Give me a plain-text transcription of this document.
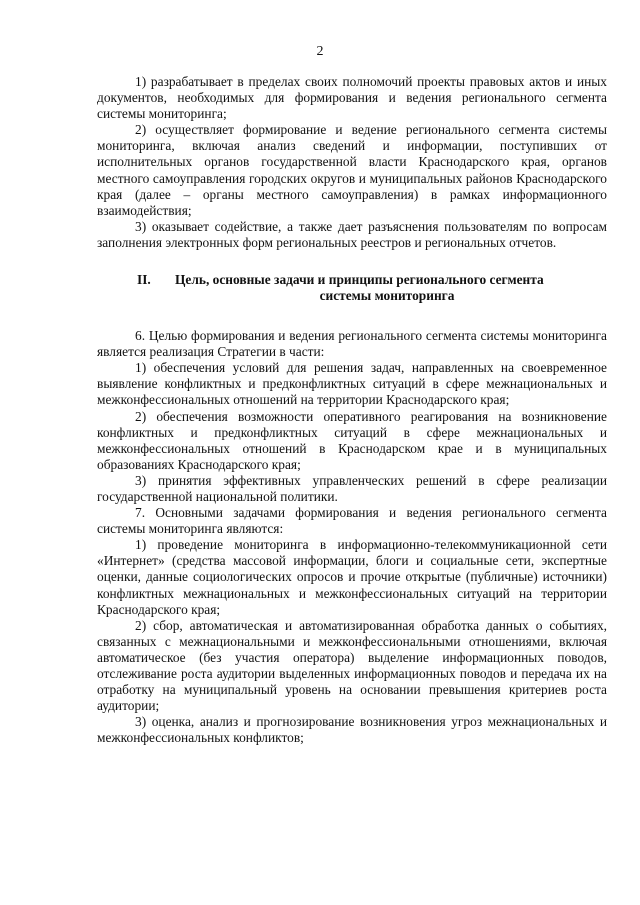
2

1) разрабатывает в пределах своих полномочий проекты правовых актов и иных документов, необходимых для формирования и ведения регионального сегмента системы мониторинга;

2) осуществляет формирование и ведение регионального сегмента системы мониторинга, включая анализ сведений и информации, поступивших от исполнительных органов государственной власти Краснодарского края, органов местного самоуправления городских округов и муниципальных районов Краснодарского края (далее – органы местного самоуправления) в рамках информационного взаимодействия;

3) оказывает содействие, а также дает разъяснения пользователям по вопросам заполнения электронных форм региональных реестров и региональных отчетов.

II.	Цель, основные задачи и принципы регионального сегмента
системы мониторинга

6. Целью формирования и ведения регионального сегмента системы мониторинга является реализация Стратегии в части:

1) обеспечения условий для решения задач, направленных на своевременное выявление конфликтных и предконфликтных ситуаций в сфере межнациональных и межконфессиональных отношений на территории Краснодарского края;

2) обеспечения возможности оперативного реагирования на возникновение конфликтных и предконфликтных ситуаций в сфере межнациональных и межконфессиональных отношений в Краснодарском крае и в муниципальных образованиях Краснодарского края;

3) принятия эффективных управленческих решений в сфере реализации государственной национальной политики.

7. Основными задачами формирования и ведения регионального сегмента системы мониторинга являются:

1) проведение мониторинга в информационно-телекоммуникационной сети «Интернет» (средства массовой информации, блоги и социальные сети, экспертные оценки, данные социологических опросов и прочие открытые (публичные) источники) конфликтных межнациональных и межконфессиональных ситуаций на территории Краснодарского края;

2) сбор, автоматическая и автоматизированная обработка данных о событиях, связанных с межнациональными и межконфессиональными отношениями, включая автоматическое (без участия оператора) выделение информационных поводов, отслеживание роста аудитории выделенных информационных поводов и передача их на отработку на муниципальный уровень на основании превышения критериев роста аудитории;

3) оценка, анализ и прогнозирование возникновения угроз межнациональных и межконфессиональных конфликтов;
